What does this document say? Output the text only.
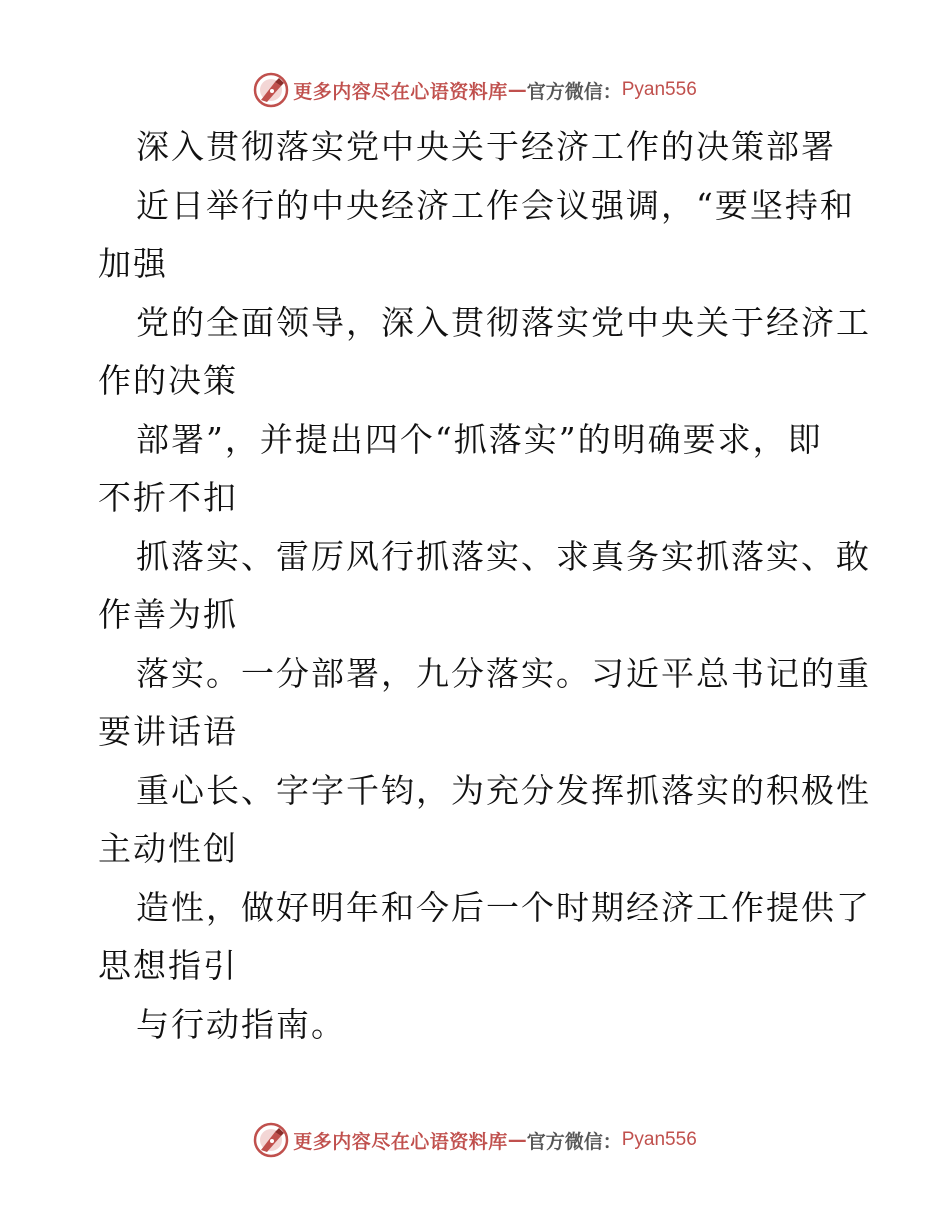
更多内容尽在心语资料库 — 官方微信： Pyan556
深入贯彻落实党中央关于经济工作的决策部署
近日举行的中央经济工作会议强调，“要坚持和
加强
党的全面领导，深入贯彻落实党中央关于经济工
作的决策
部署”，并提出四个“抓落实”的明确要求，即
不折不扣
抓落实、雷厉风行抓落实、求真务实抓落实、敢
作善为抓
落实。一分部署，九分落实。习近平总书记的重
要讲话语
重心长、字字千钧，为充分发挥抓落实的积极性
主动性创
造性，做好明年和今后一个时期经济工作提供了
思想指引
与行动指南。
更多内容尽在心语资料库 — 官方微信： Pyan556
